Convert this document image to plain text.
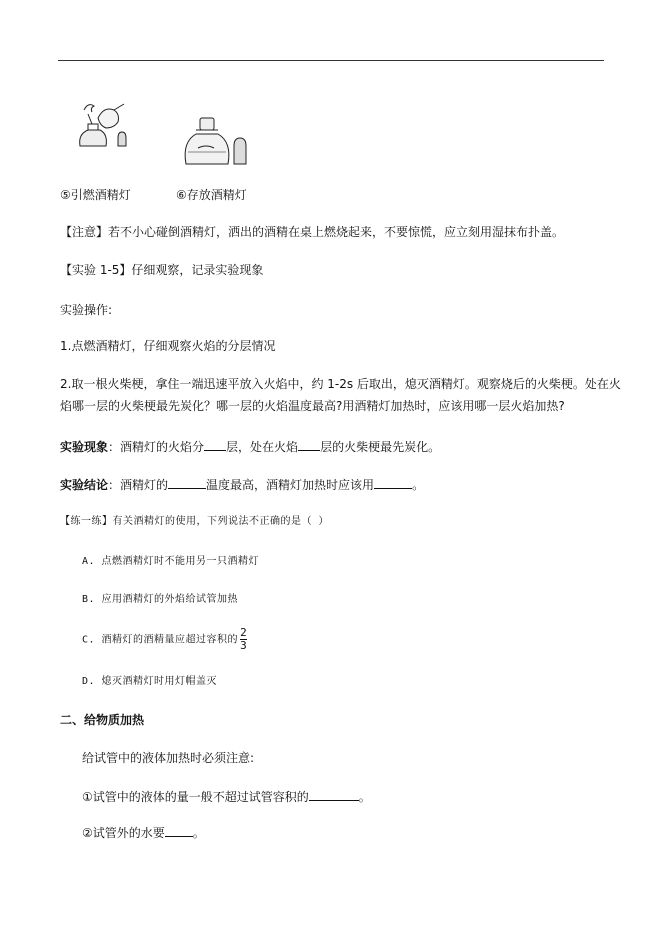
⑤引燃酒精灯	⑥存放酒精灯
【注意】若不小心碰倒酒精灯，洒出的酒精在桌上燃烧起来，不要惊慌，应立刻用湿抹布扑盖。
【实验 1-5】仔细观察，记录实验现象
实验操作:
1.点燃酒精灯，仔细观察火焰的分层情况
2.取一根火柴梗，拿住一端迅速平放入火焰中，约 1-2s 后取出，熄灭酒精灯。观察烧后的火柴梗。处在火
焰哪一层的火柴梗最先炭化？哪一层的火焰温度最高?用酒精灯加热时，应该用哪一层火焰加热?
实验现象：酒精灯的火焰分 层，处在火焰 层的火柴梗最先炭化。
实验结论：酒精灯的	温度最高，酒精灯加热时应该用	。
【练一练】有关酒精灯的使用，下列说法不正确的是（ ）
A. 点燃酒精灯时不能用另一只酒精灯
B. 应用酒精灯的外焰给试管加热
C. 酒精灯的酒精量应超过容积的 $\frac{2}{3}$
D. 熄灭酒精灯时用灯帽盖灭
二、给物质加热
给试管中的液体加热时必须注意:
①试管中的液体的量一般不超过试管容积的	。
②试管外的水要 。
